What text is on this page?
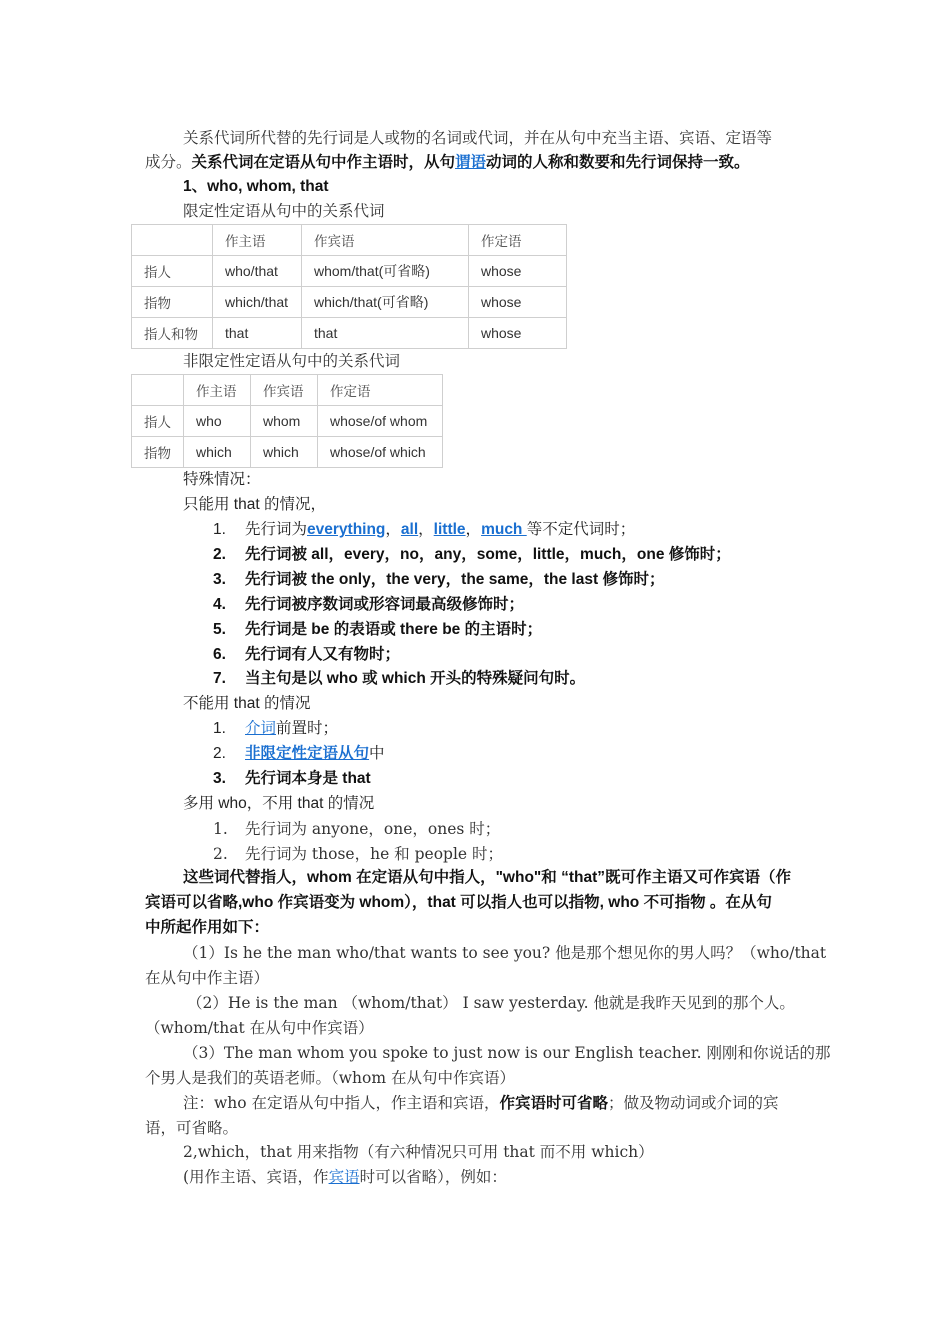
关系代词所代替的先行词是人或物的名词或代词，并在从句中充当主语、宾语、定语等
成分。关系代词在定语从句中作主语时，从句谓语动词的人称和数要和先行词保持一致。
1、who, whom, that
限定性定语从句中的关系代词
	作主语	作宾语	作定语
指人	who/that	whom/that(可省略)	whose
指物	which/that	which/that(可省略)	whose
指人和物	that	that	whose
非限定性定语从句中的关系代词
	作主语	作宾语	作定语
指人	who	whom	whose/of whom
指物	which	which	whose/of which
特殊情况：
只能用 that 的情况，
1. 先行词为everything，all，little，much 等不定代词时；
2. 先行词被 all，every，no，any，some，little，much，one 修饰时；
3. 先行词被 the only，the very，the same，the last 修饰时；
4. 先行词被序数词或形容词最高级修饰时；
5. 先行词是 be 的表语或 there be 的主语时；
6. 先行词有人又有物时；
7. 当主句是以 who 或 which 开头的特殊疑问句时。
不能用 that 的情况
1. 介词前置时；
2. 非限定性定语从句中
3. 先行词本身是 that
多用 who，不用 that 的情况
1. 先行词为 anyone，one，ones 时；
2. 先行词为 those，he 和 people 时；
这些词代替指人，whom 在定语从句中指人，"who"和 “that”既可作主语又可作宾语（作
宾语可以省略,who 作宾语变为 whom），that 可以指人也可以指物, who 不可指物 。在从句
中所起作用如下：
（1）Is he the man who/that wants to see you? 他是那个想见你的男人吗？（who/that
在从句中作主语）
（2）He is the man （whom/that） I saw yesterday. 他就是我昨天见到的那个人。
（whom/that 在从句中作宾语）
（3）The man whom you spoke to just now is our English teacher. 刚刚和你说话的那
个男人是我们的英语老师。（whom 在从句中作宾语）
注：who 在定语从句中指人，作主语和宾语，作宾语时可省略；做及物动词或介词的宾
语，可省略。
2,which，that 用来指物（有六种情况只可用 that 而不用 which）
(用作主语、宾语，作宾语时可以省略），例如：
